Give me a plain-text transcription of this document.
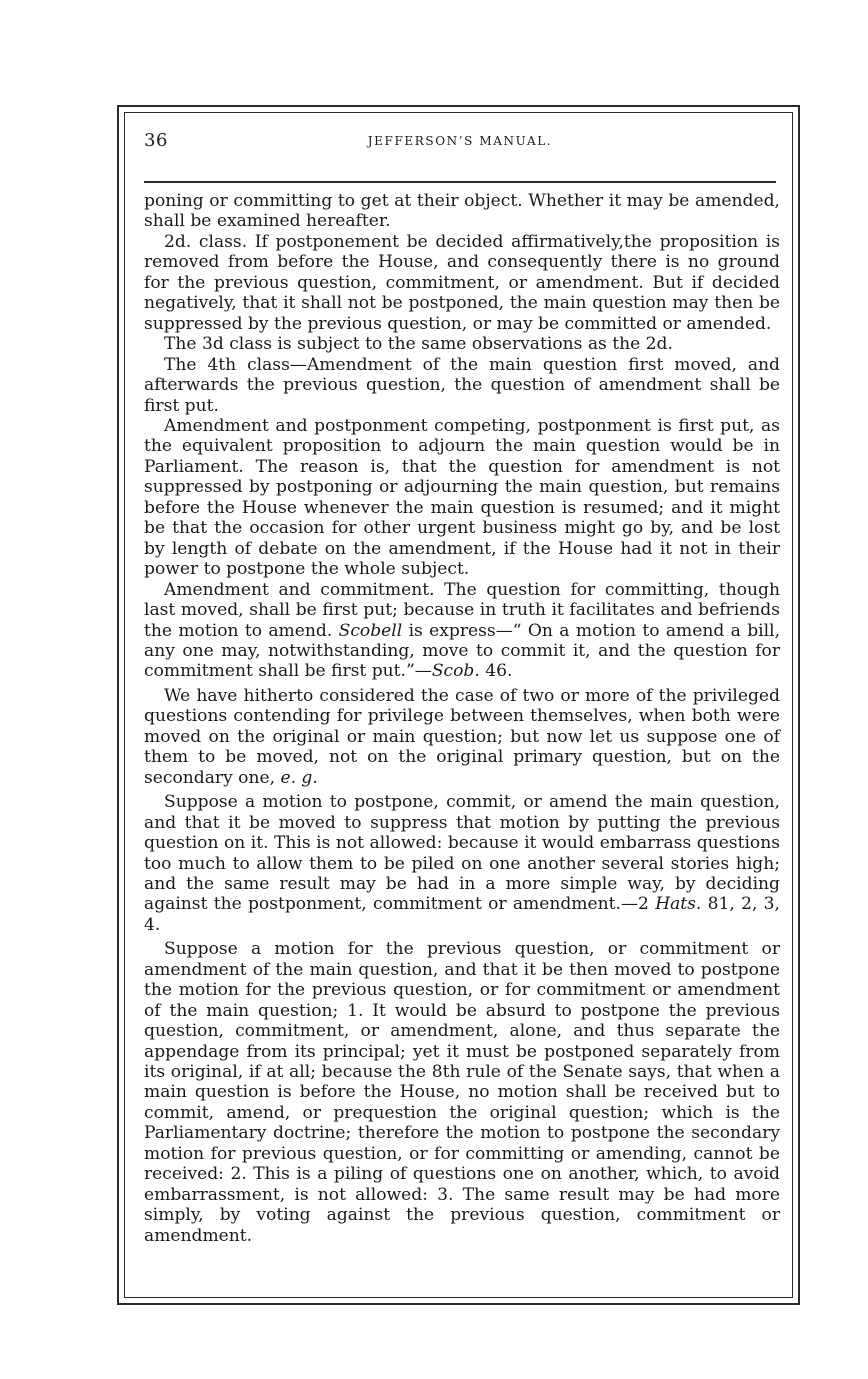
36	JEFFERSON’S MANUAL.

poning or committing to get at their object. Whether it may be amended, shall be examined hereafter.

2d. class. If postponement be decided affirmatively,the proposition is removed from before the House, and consequently there is no ground for the previous question, commitment, or amendment. But if decided negatively, that it shall not be postponed, the main question may then be suppressed by the previous question, or may be committed or amended.

The 3d class is subject to the same observations as the 2d.

The 4th class—Amendment of the main question first moved, and afterwards the previous question, the question of amendment shall be first put.

Amendment and postponment competing, postponment is first put, as the equivalent proposition to adjourn the main question would be in Parliament. The reason is, that the question for amendment is not suppressed by postponing or adjourning the main question, but remains before the House whenever the main question is resumed; and it might be that the occasion for other urgent business might go by, and be lost by length of debate on the amendment, if the House had it not in their power to postpone the whole subject.

Amendment and commitment. The question for committing, though last moved, shall be first put; because in truth it facilitates and befriends the motion to amend. Scobell is express—“ On a motion to amend a bill, any one may, notwithstanding, move to commit it, and the question for commitment shall be first put.”—Scob. 46.

We have hitherto considered the case of two or more of the privileged questions contending for privilege between themselves, when both were moved on the original or main question; but now let us suppose one of them to be moved, not on the original primary question, but on the secondary one, e. g.

Suppose a motion to postpone, commit, or amend the main question, and that it be moved to suppress that motion by putting the previous question on it. This is not allowed: because it would embarrass questions too much to allow them to be piled on one another several stories high; and the same result may be had in a more simple way, by deciding against the postponment, commitment or amendment.—2 Hats. 81, 2, 3, 4.

Suppose a motion for the previous question, or commitment or amendment of the main question, and that it be then moved to postpone the motion for the previous question, or for commitment or amendment of the main question; 1. It would be absurd to postpone the previous question, commitment, or amendment, alone, and thus separate the appendage from its principal; yet it must be postponed separately from its original, if at all; because the 8th rule of the Senate says, that when a main question is before the House, no motion shall be received but to commit, amend, or prequestion the original question; which is the Parliamentary doctrine; therefore the motion to postpone the secondary motion for previous question, or for committing or amending, cannot be received: 2. This is a piling of questions one on another, which, to avoid embarrassment, is not allowed: 3. The same result may be had more simply, by voting against the previous question, commitment or amendment.
